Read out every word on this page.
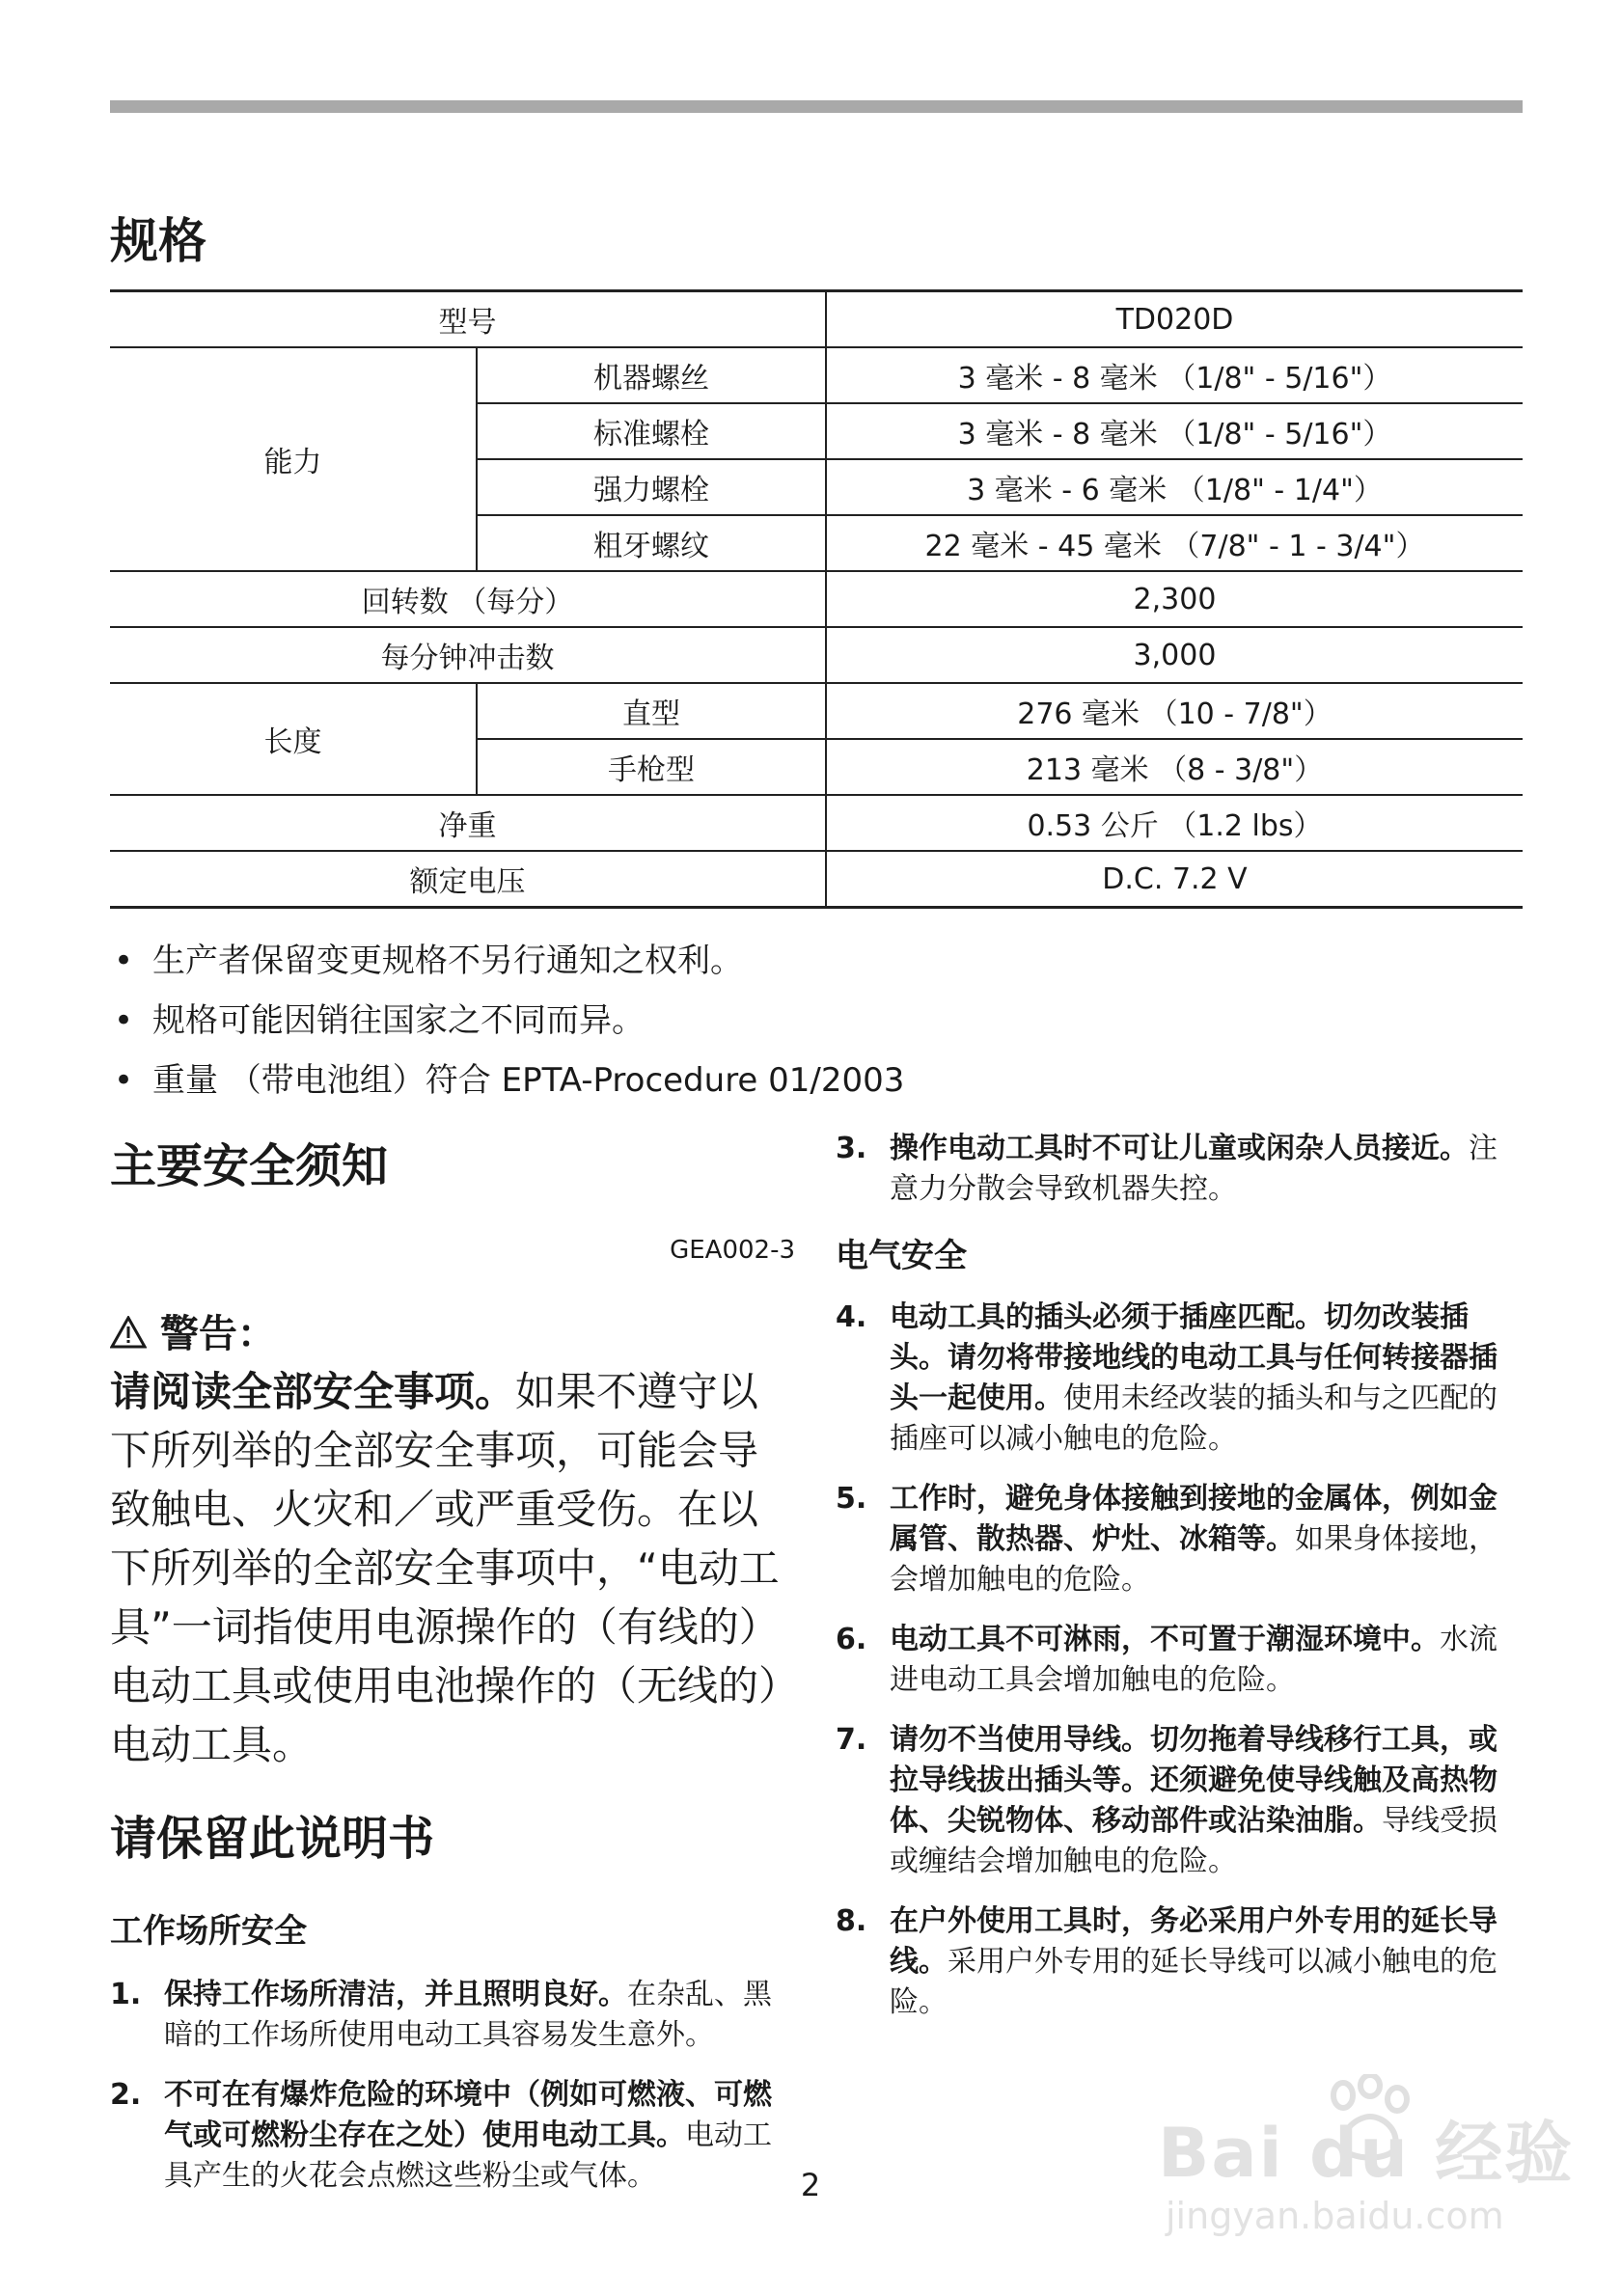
规格
型号		TD020D
能力	机器螺丝	3 毫米 - 8 毫米 （1/8" - 5/16"）
	标准螺栓	3 毫米 - 8 毫米 （1/8" - 5/16"）
	强力螺栓	3 毫米 - 6 毫米 （1/8" - 1/4"）
	粗牙螺纹	22 毫米 - 45 毫米 （7/8" - 1 - 3/4"）
回转数 （每分）		2,300
每分钟冲击数		3,000
长度	直型	276 毫米 （10 - 7/8"）
	手枪型	213 毫米 （8 - 3/8"）
净重		0.53 公斤 （1.2 lbs）
额定电压		D.C. 7.2 V
• 生产者保留变更规格不另行通知之权利。
• 规格可能因销往国家之不同而异。
• 重量 （带电池组）符合 EPTA-Procedure 01/2003
主要安全须知
GEA002-3
警告：
请阅读全部安全事项。如果不遵守以下所列举的全部安全事项，可能会导致触电、火灾和／或严重受伤。在以下所列举的全部安全事项中，“电动工具”一词指使用电源操作的（有线的）电动工具或使用电池操作的（无线的）电动工具。
请保留此说明书
工作场所安全
1. 保持工作场所清洁，并且照明良好。在杂乱、黑暗的工作场所使用电动工具容易发生意外。
2. 不可在有爆炸危险的环境中（例如可燃液、可燃气或可燃粉尘存在之处）使用电动工具。电动工具产生的火花会点燃这些粉尘或气体。
3. 操作电动工具时不可让儿童或闲杂人员接近。注意力分散会导致机器失控。
电气安全
4. 电动工具的插头必须于插座匹配。切勿改装插头。请勿将带接地线的电动工具与任何转接器插头一起使用。使用未经改装的插头和与之匹配的插座可以减小触电的危险。
5. 工作时，避免身体接触到接地的金属体，例如金属管、散热器、炉灶、冰箱等。如果身体接地，会增加触电的危险。
6. 电动工具不可淋雨，不可置于潮湿环境中。水流进电动工具会增加触电的危险。
7. 请勿不当使用导线。切勿拖着导线移行工具，或拉导线拔出插头等。还须避免使导线触及高热物体、尖锐物体、移动部件或沾染油脂。导线受损或缠结会增加触电的危险。
8. 在户外使用工具时，务必采用户外专用的延长导线。采用户外专用的延长导线可以减小触电的危险。
Bai du 经验
jingyan.baidu.com
2
